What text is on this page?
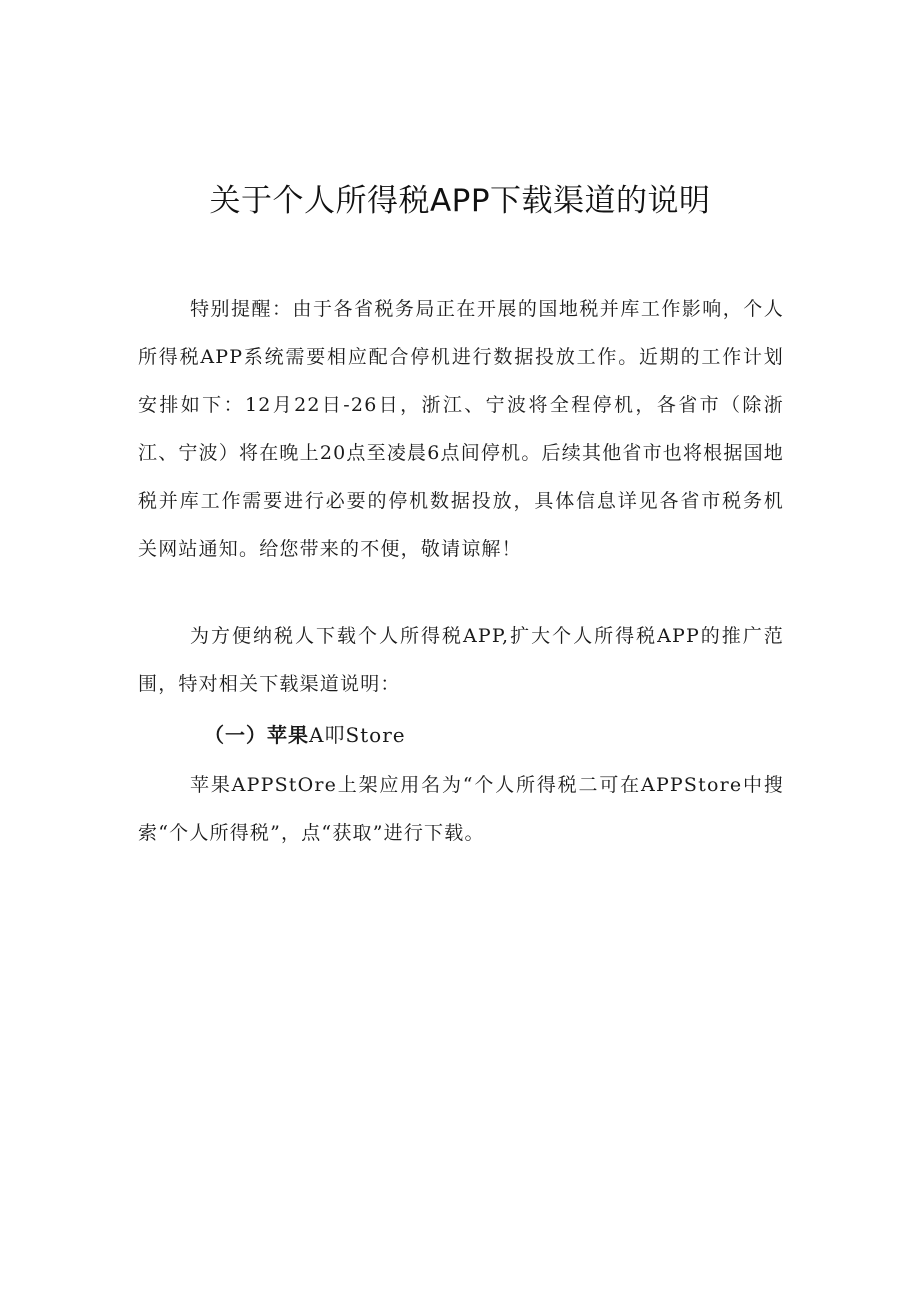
关于个人所得税APP下载渠道的说明

特别提醒：由于各省税务局正在开展的国地税并库工作影响，个人所得税APP系统需要相应配合停机进行数据投放工作。近期的工作计划安排如下：12月22日-26日，浙江、宁波将全程停机，各省市（除浙江、宁波）将在晚上20点至凌晨6点间停机。后续其他省市也将根据国地税并库工作需要进行必要的停机数据投放，具体信息详见各省市税务机关网站通知。给您带来的不便，敬请谅解！

为方便纳税人下载个人所得税APP,扩大个人所得税APP的推广范围，特对相关下载渠道说明：

（一）苹果A叩Store

苹果APPStOre上架应用名为“个人所得税二可在APPStore中搜索“个人所得税”，点“获取”进行下载。
